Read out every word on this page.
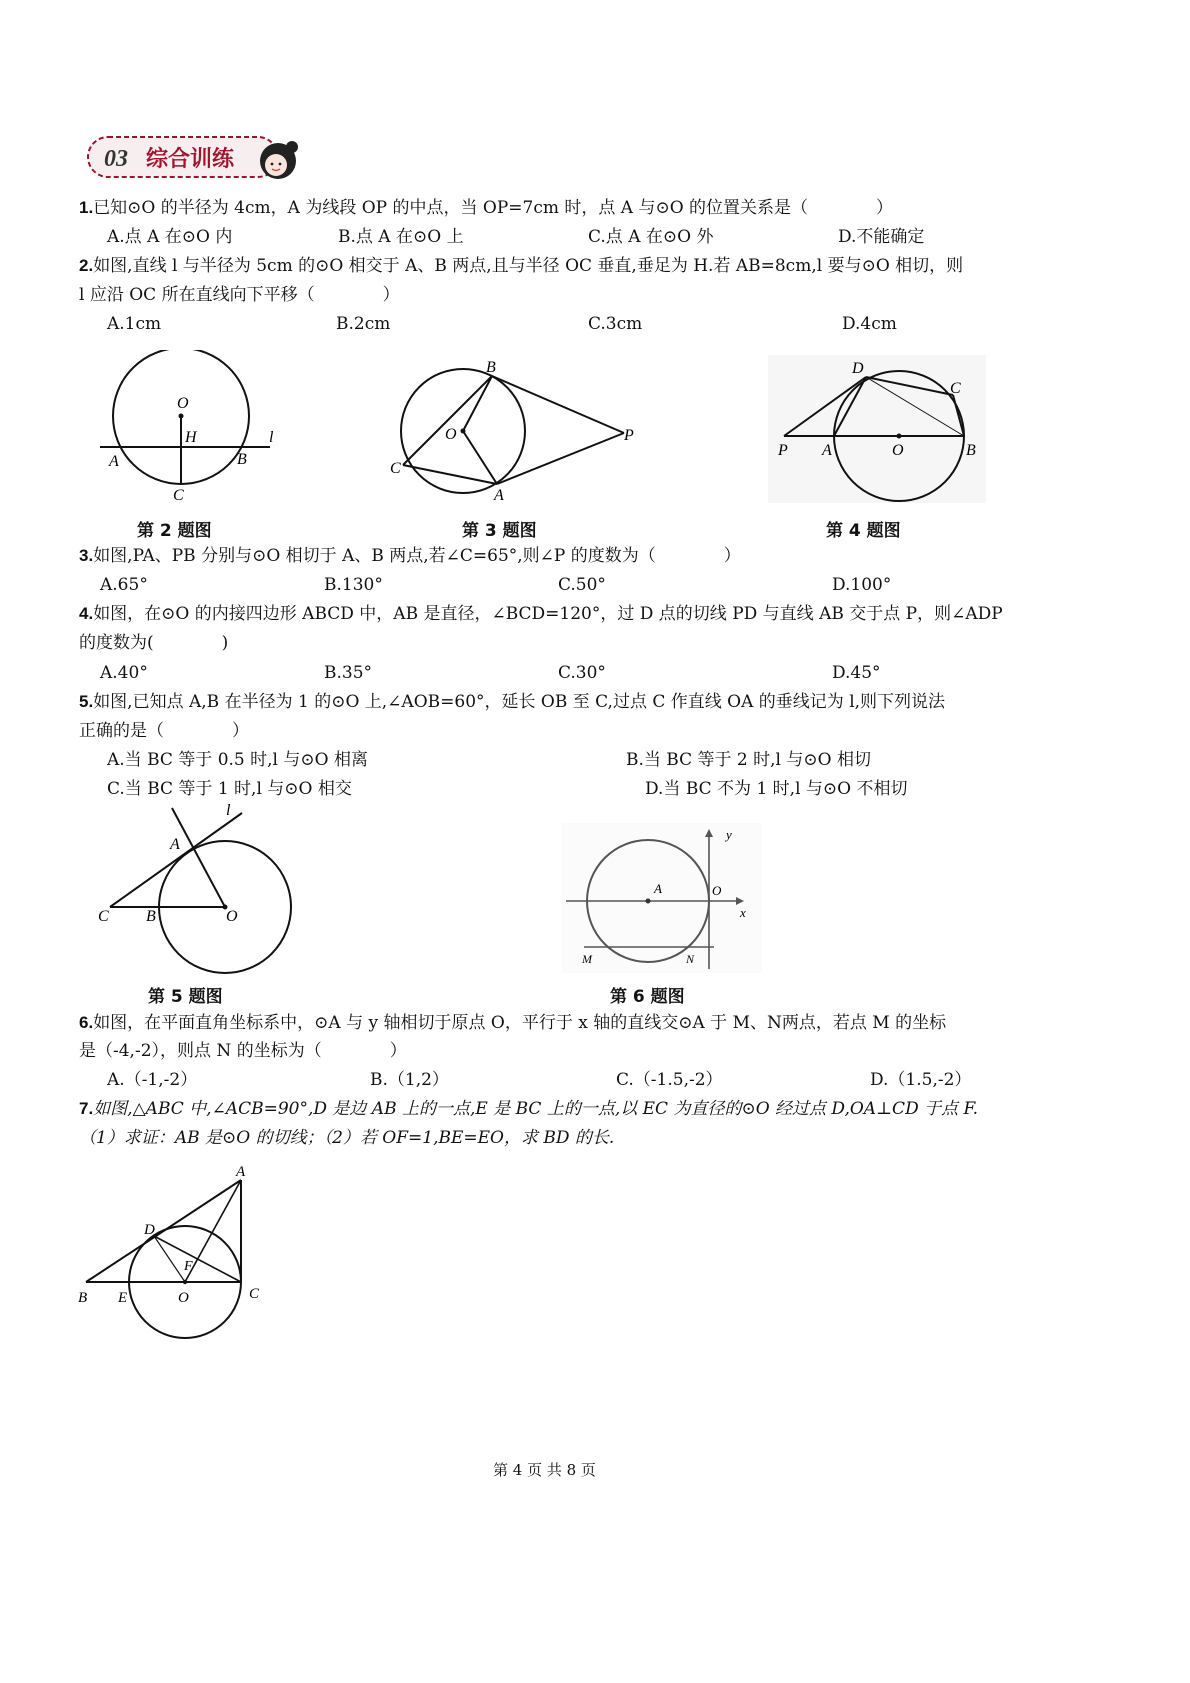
03 综合训练
1.已知⊙O 的半径为 4cm，A 为线段 OP 的中点，当 OP=7cm 时，点 A 与⊙O 的位置关系是（　　　　）
A.点 A 在⊙O 内	B.点 A 在⊙O 上	C.点 A 在⊙O 外	D.不能确定
2.如图,直线 l 与半径为 5cm 的⊙O 相交于 A、B 两点,且与半径 OC 垂直,垂足为 H.若 AB=8cm,l 要与⊙O 相切，则
l 应沿 OC 所在直线向下平移（　　　　）
A.1cm	B.2cm	C.3cm	D.4cm
O
H	l
A	B
C
B
O	P
C
A
D
C
P A	O	B
第 2 题图	第 3 题图	第 4 题图
3.如图,PA、PB 分别与⊙O 相切于 A、B 两点,若∠C=65°,则∠P 的度数为（　　　　）
A.65°	B.130°	C.50°	D.100°
4.如图，在⊙O 的内接四边形 ABCD 中，AB 是直径，∠BCD=120°，过 D 点的切线 PD 与直线 AB 交于点 P，则∠ADP
的度数为(　　　　)
A.40°	B.35°	C.30°	D.45°
5.如图,已知点 A,B 在半径为 1 的⊙O 上,∠AOB=60°，延长 OB 至 C,过点 C 作直线 OA 的垂线记为 l,则下列说法
正确的是（　　　　）
A.当 BC 等于 0.5 时,l 与⊙O 相离	B.当 BC 等于 2 时,l 与⊙O 相切
C.当 BC 等于 1 时,l 与⊙O 相交	D.当 BC 不为 1 时,l 与⊙O 不相切
l
A
C B	O
y
A	O
x
M	N
第 5 题图	第 6 题图
6.如图，在平面直角坐标系中，⊙A 与 y 轴相切于原点 O，平行于 x 轴的直线交⊙A 于 M、N两点，若点 M 的坐标
是（-4,-2），则点 N 的坐标为（　　　　）
A.（-1,-2）	B.（1,2）	C.（-1.5,-2）	D.（1.5,-2）
7.如图,△ABC 中,∠ACB=90°,D 是边 AB 上的一点,E 是 BC 上的一点,以 EC 为直径的⊙O 经过点 D,OA⊥CD 于点 F.
（1）求证：AB 是⊙O 的切线；（2）若 OF=1,BE=EO，求 BD 的长.
A
D
F
B E	O	C
第 4 页 共 8 页
